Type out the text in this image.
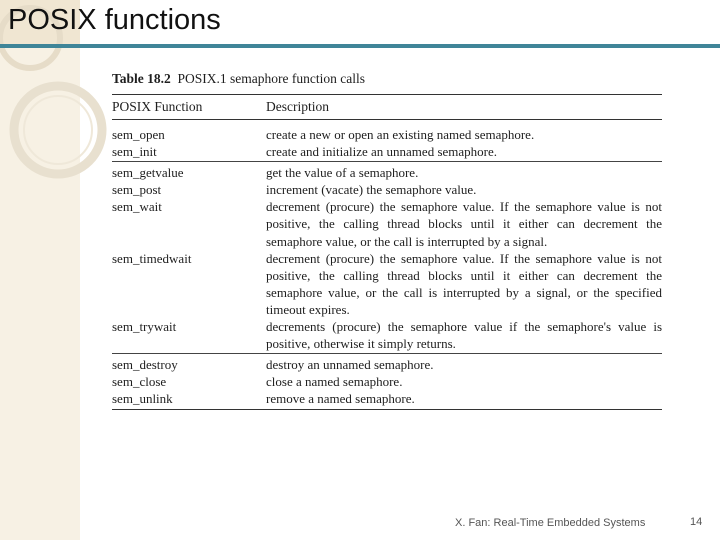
POSIX functions
Table 18.2 POSIX.1 semaphore function calls
POSIX Function	Description
sem_open	create a new or open an existing named semaphore.
sem_init	create and initialize an unnamed semaphore.
sem_getvalue	get the value of a semaphore.
sem_post	increment (vacate) the semaphore value.
sem_wait	decrement (procure) the semaphore value. If the semaphore value is not positive, the calling thread blocks until it either can decrement the semaphore value, or the call is interrupted by a signal.
sem_timedwait	decrement (procure) the semaphore value. If the semaphore value is not positive, the calling thread blocks until it either can decrement the semaphore value, or the call is interrupted by a signal, or the specified timeout expires.
sem_trywait	decrements (procure) the semaphore value if the semaphore's value is positive, otherwise it simply returns.
sem_destroy	destroy an unnamed semaphore.
sem_close	close a named semaphore.
sem_unlink	remove a named semaphore.
X. Fan: Real-Time Embedded Systems	14
